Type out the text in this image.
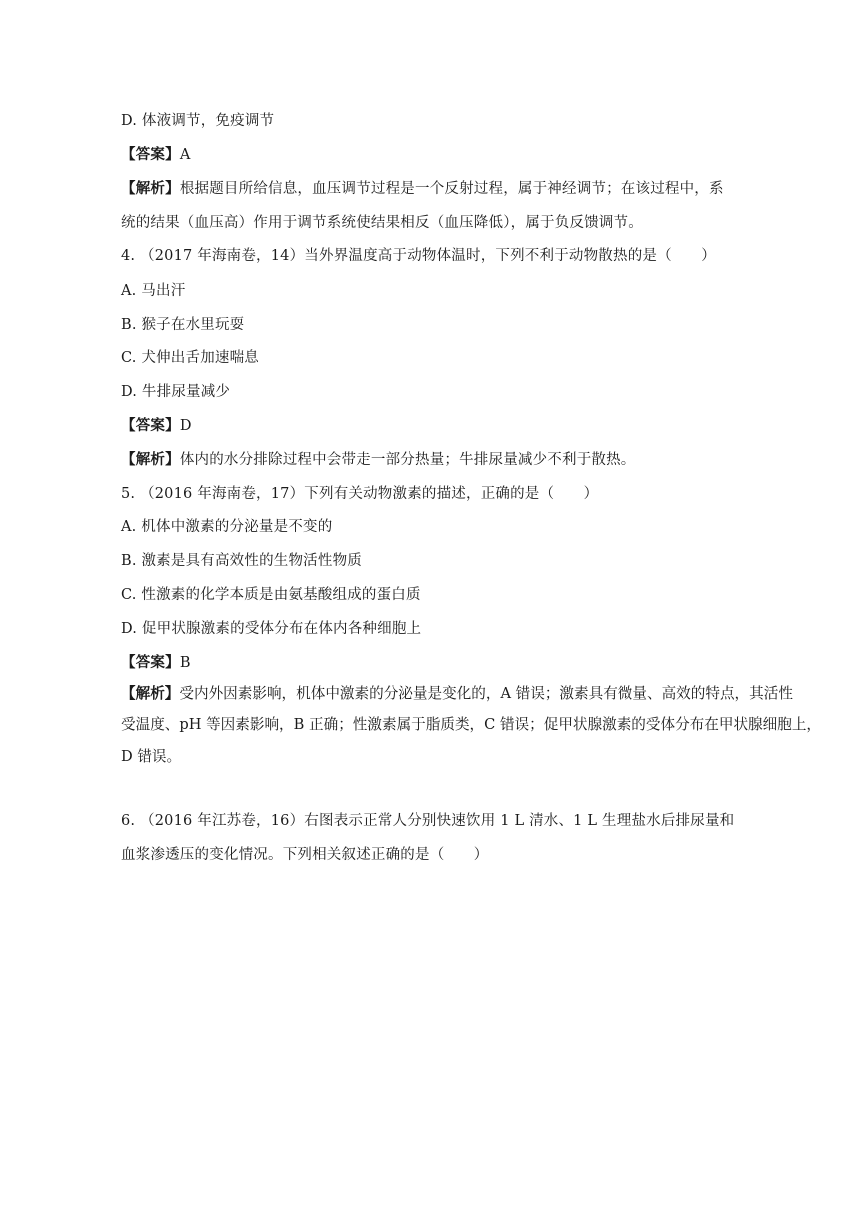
D. 体液调节，免疫调节
【答案】A
【解析】根据题目所给信息，血压调节过程是一个反射过程，属于神经调节；在该过程中，系
统的结果（血压高）作用于调节系统使结果相反（血压降低），属于负反馈调节。
4. （2017 年海南卷，14）当外界温度高于动物体温时，下列不利于动物散热的是（　　）
A. 马出汗
B. 猴子在水里玩耍
C. 犬伸出舌加速喘息
D. 牛排尿量减少
【答案】D
【解析】体内的水分排除过程中会带走一部分热量；牛排尿量减少不利于散热。
5. （2016 年海南卷，17）下列有关动物激素的描述，正确的是（　　）
A. 机体中激素的分泌量是不变的
B. 激素是具有高效性的生物活性物质
C. 性激素的化学本质是由氨基酸组成的蛋白质
D. 促甲状腺激素的受体分布在体内各种细胞上
【答案】B
【解析】受内外因素影响，机体中激素的分泌量是变化的，A 错误；激素具有微量、高效的特点，其活性
受温度、pH 等因素影响，B 正确；性激素属于脂质类，C 错误；促甲状腺激素的受体分布在甲状腺细胞上，
D 错误。
6. （2016 年江苏卷，16）右图表示正常人分别快速饮用 1 L 清水、1 L 生理盐水后排尿量和
血浆渗透压的变化情况。下列相关叙述正确的是（　　）
